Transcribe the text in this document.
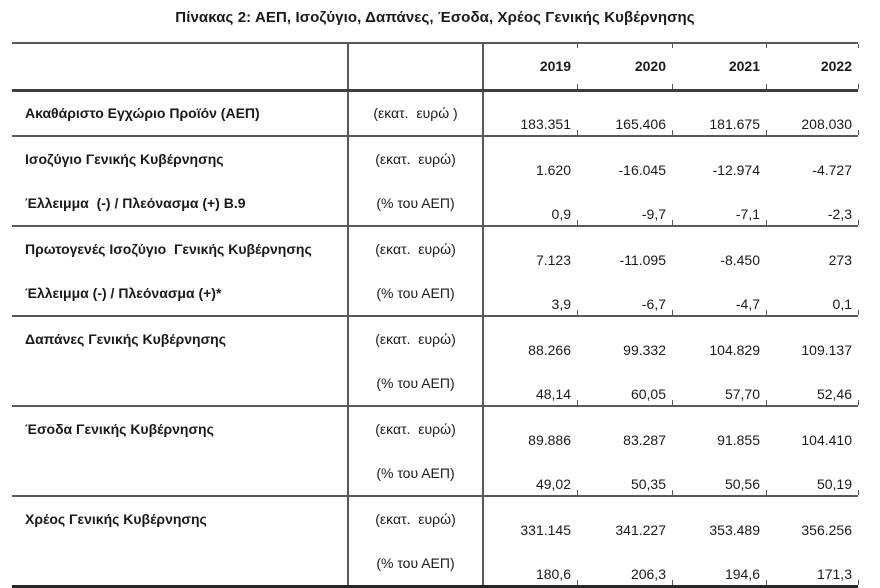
Πίνακας 2: ΑΕΠ, Ισοζύγιο, Δαπάνες, Έσοδα, Χρέος Γενικής Κυβέρνησης
		2019	2020	2021	2022
Ακαθάριστο Εγχώριο Προϊόν (ΑΕΠ)	(εκατ.  ευρώ )	183.351	165.406	181.675	208.030
Ισοζύγιο Γενικής Κυβέρνησης	(εκατ.  ευρώ)	1.620	-16.045	-12.974	-4.727
Έλλειμμα  (-) / Πλεόνασμα (+) Β.9	(% του ΑΕΠ)	0,9	-9,7	-7,1	-2,3
Πρωτογενές Ισοζύγιο  Γενικής Κυβέρνησης	(εκατ.  ευρώ)	7.123	-11.095	-8.450	273
Έλλειμμα (-) / Πλεόνασμα (+)*	(% του ΑΕΠ)	3,9	-6,7	-4,7	0,1
Δαπάνες Γενικής Κυβέρνησης	(εκατ.  ευρώ)	88.266	99.332	104.829	109.137
	(% του ΑΕΠ)	48,14	60,05	57,70	52,46
Έσοδα Γενικής Κυβέρνησης	(εκατ.  ευρώ)	89.886	83.287	91.855	104.410
	(% του ΑΕΠ)	49,02	50,35	50,56	50,19
Χρέος Γενικής Κυβέρνησης	(εκατ.  ευρώ)	331.145	341.227	353.489	356.256
	(% του ΑΕΠ)	180,6	206,3	194,6	171,3
